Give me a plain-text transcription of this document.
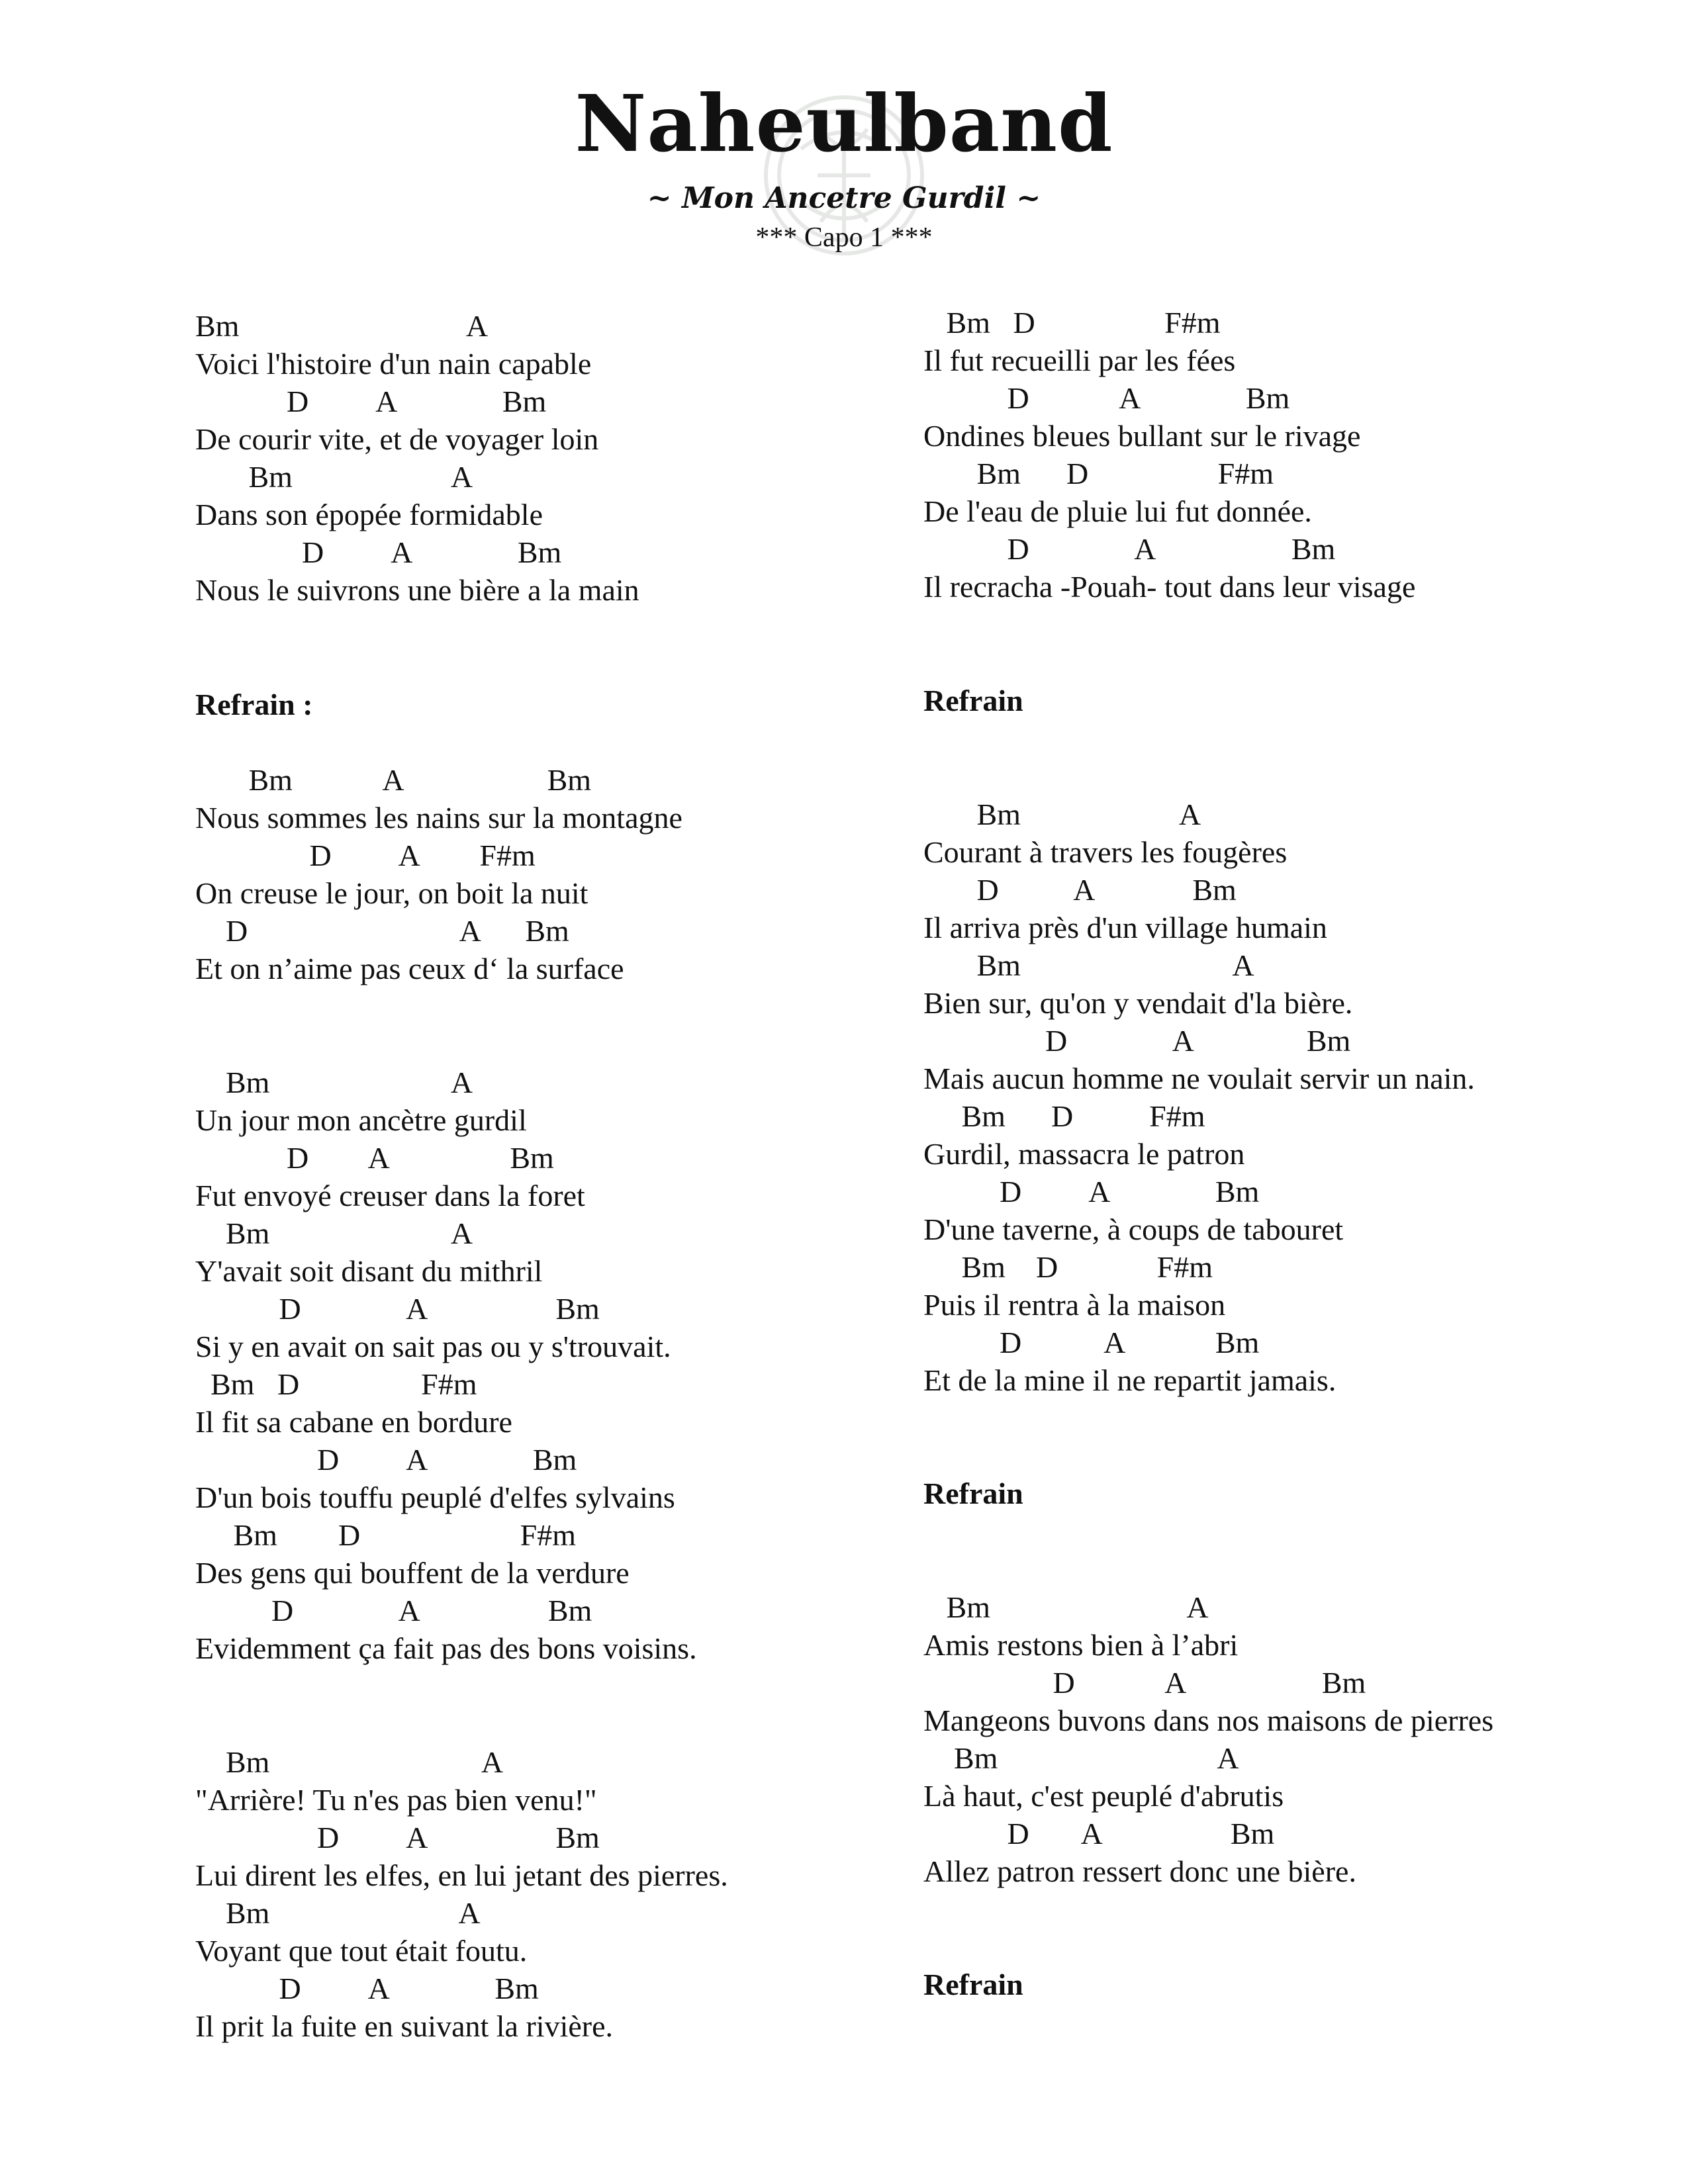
Naheulband
~ Mon Ancetre Gurdil ~
*** Capo 1 ***
Bm                              A
Voici l'histoire d'un nain capable
D         A              Bm
De courir vite, et de voyager loin
Bm                     A
Dans son épopée formidable
D         A              Bm
Nous le suivrons une bière a la main
Refrain :
Bm            A                   Bm
Nous sommes les nains sur la montagne
D         A        F#m
On creuse le jour, on boit la nuit
D                            A      Bm
Et on n’aime pas ceux d‘ la surface
Bm                        A
Un jour mon ancètre gurdil
D        A                Bm
Fut envoyé creuser dans la foret
Bm                        A
Y'avait soit disant du mithril
D              A                 Bm
Si y en avait on sait pas ou y s'trouvait.
Bm   D                F#m
Il fit sa cabane en bordure
D         A              Bm
D'un bois touffu peuplé d'elfes sylvains
Bm        D                     F#m
Des gens qui bouffent de la verdure
D              A                 Bm
Evidemment ça fait pas des bons voisins.
Bm                            A
"Arrière! Tu n'es pas bien venu!"
D         A                 Bm
Lui dirent les elfes, en lui jetant des pierres.
Bm                         A
Voyant que tout était foutu.
D         A              Bm
Il prit la fuite en suivant la rivière.
Bm   D                 F#m
Il fut recueilli par les fées
D            A              Bm
Ondines bleues bullant sur le rivage
Bm      D                 F#m
De l'eau de pluie lui fut donnée.
D              A                  Bm
Il recracha -Pouah- tout dans leur visage
Refrain
Bm                     A
Courant à travers les fougères
D          A             Bm
Il arriva près d'un village humain
Bm                            A
Bien sur, qu'on y vendait d'la bière.
D              A               Bm
Mais aucun homme ne voulait servir un nain.
Bm      D          F#m
Gurdil, massacra le patron
D         A              Bm
D'une taverne, à coups de tabouret
Bm    D             F#m
Puis il rentra à la maison
D           A            Bm
Et de la mine il ne repartit jamais.
Refrain
Bm                          A
Amis restons bien à l’abri
D            A                  Bm
Mangeons buvons dans nos maisons de pierres
Bm                             A
Là haut, c'est peuplé d'abrutis
D       A                 Bm
Allez patron ressert donc une bière.
Refrain
